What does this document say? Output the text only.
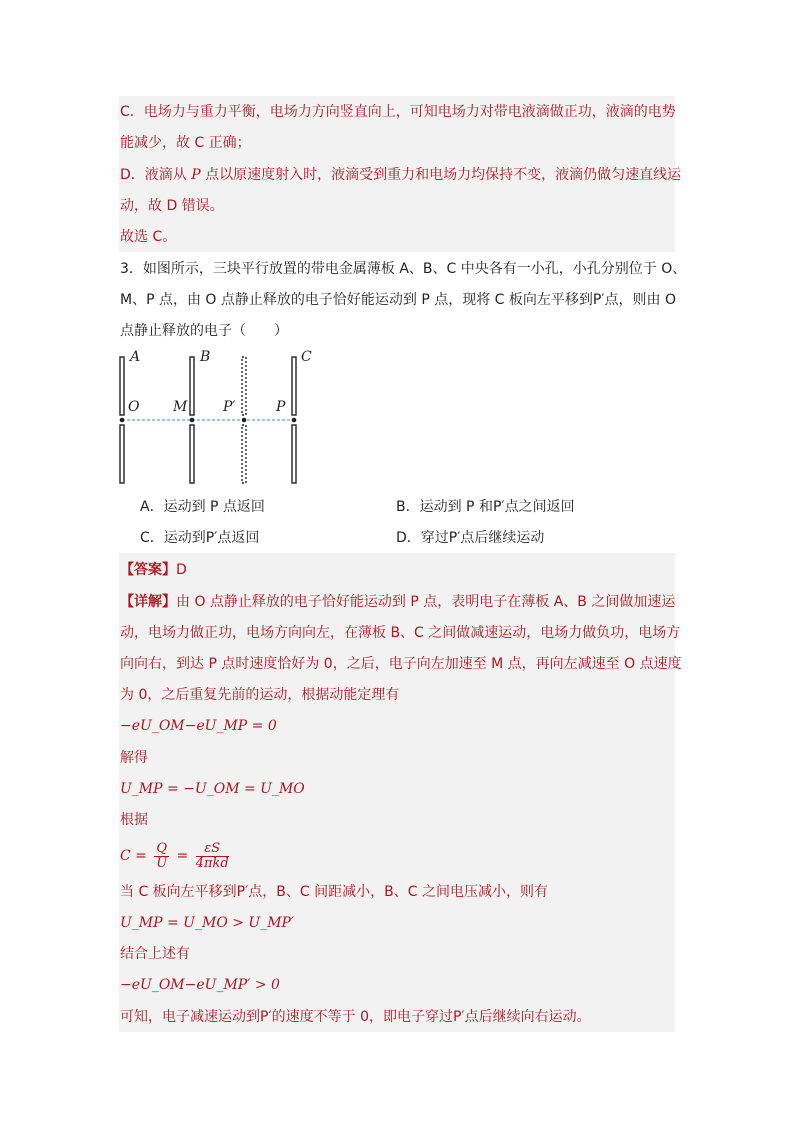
C．电场力与重力平衡，电场力方向竖直向上，可知电场力对带电液滴做正功，液滴的电势
能减少，故 C 正确；
D．液滴从 P 点以原速度射入时，液滴受到重力和电场力均保持不变，液滴仍做匀速直线运
动，故 D 错误。
故选 C。
3．如图所示，三块平行放置的带电金属薄板 A、B、C 中央各有一小孔，小孔分别位于 O、
M、P 点，由 O 点静止释放的电子恰好能运动到 P 点，现将 C 板向左平移到P′点，则由 O
点静止释放的电子（　　）
A	B	C
O M	P′	P
A．运动到 P 点返回	B．运动到 P 和P′点之间返回
C．运动到P′点返回	D．穿过P′点后继续运动
【答案】D
【详解】由 O 点静止释放的电子恰好能运动到 P 点，表明电子在薄板 A、B 之间做加速运
动，电场力做正功，电场方向向左，在薄板 B、C 之间做减速运动，电场力做负功，电场方
向向右，到达 P 点时速度恰好为 0，之后，电子向左加速至 M 点，再向左减速至 O 点速度
为 0，之后重复先前的运动，根据动能定理有
−eU_OM−eU_MP = 0
解得
U_MP = −U_OM = U_MO
根据
$C = \frac{Q}{U} = \frac{\varepsilon S}{\text{4πkd}}$
当 C 板向左平移到P′点，B、C 间距减小，B、C 之间电压减小，则有
U_MP = U_MO > U_MP′
结合上述有
−eU_OM−eU_MP′ > 0
可知，电子减速运动到P′的速度不等于 0，即电子穿过P′点后继续向右运动。
